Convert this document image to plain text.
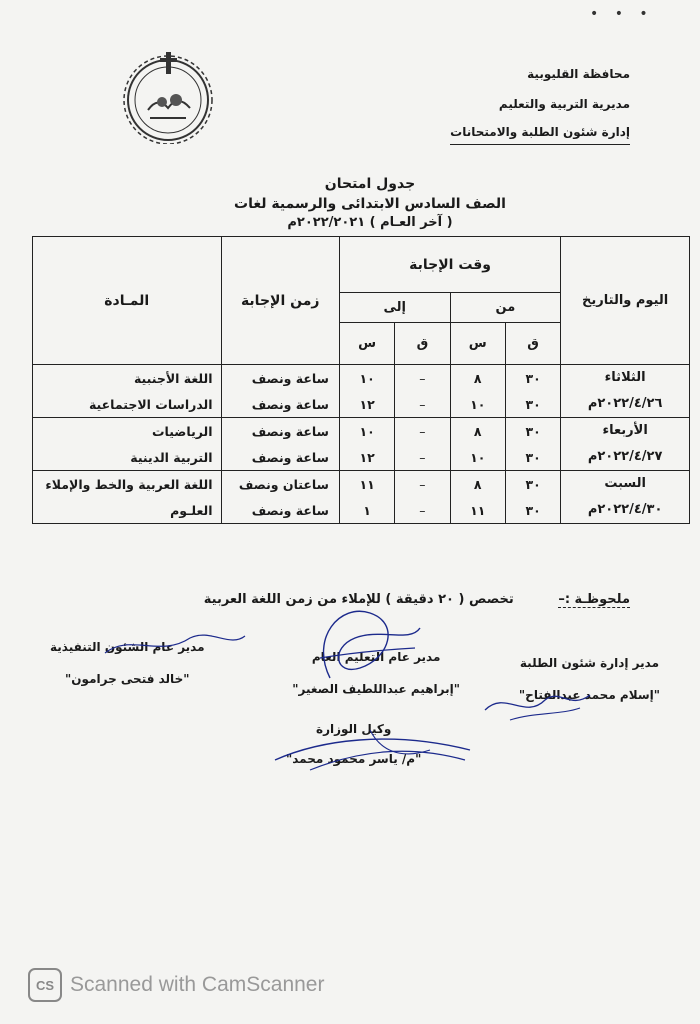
• • •
محافظة القليوبية
مديرية التربية والتعليم
إدارة شئون الطلبة والامتحانات
جدول امتحان
الصف السادس الابتدائى والرسمية لغات
( آخر العـام ) ٢٠٢٢/٢٠٢١م
اليوم والتاريخ	وقت الإجابة				زمن الإجابة	المـادة
	من		إلى			
	ق	س	ق	س		

الثلاثاء
٢٠٢٢/٤/٢٦م	٣٠	٨	–	١٠	ساعة ونصف	اللغة الأجنبية
	٣٠	١٠	–	١٢	ساعة ونصف	الدراسات الاجتماعية

الأربعاء
٢٠٢٢/٤/٢٧م	٣٠	٨	–	١٠	ساعة ونصف	الرياضيات
	٣٠	١٠	–	١٢	ساعة ونصف	التربية الدينية

السبت
٢٠٢٢/٤/٣٠م	٣٠	٨	–	١١	ساعتان ونصف	اللغة العربية والخط والإملاء
	٣٠	١١	–	١	ساعة ونصف	العلـوم
ملحوظـة :– تخصص ( ٢٠ دقيقة ) للإملاء من زمن اللغة العربية
مدير إدارة شئون الطلبة
"إسلام محمد عبدالفتاح"
مدير عام التعليم العام
"إبراهيم عبداللطيف الصغير"
مدير عام الشئون التنفيذية
"خالد فتحى جرامون"
وكيل الوزارة
"م/ ياسر محمود محمد"
CS Scanned with CamScanner
